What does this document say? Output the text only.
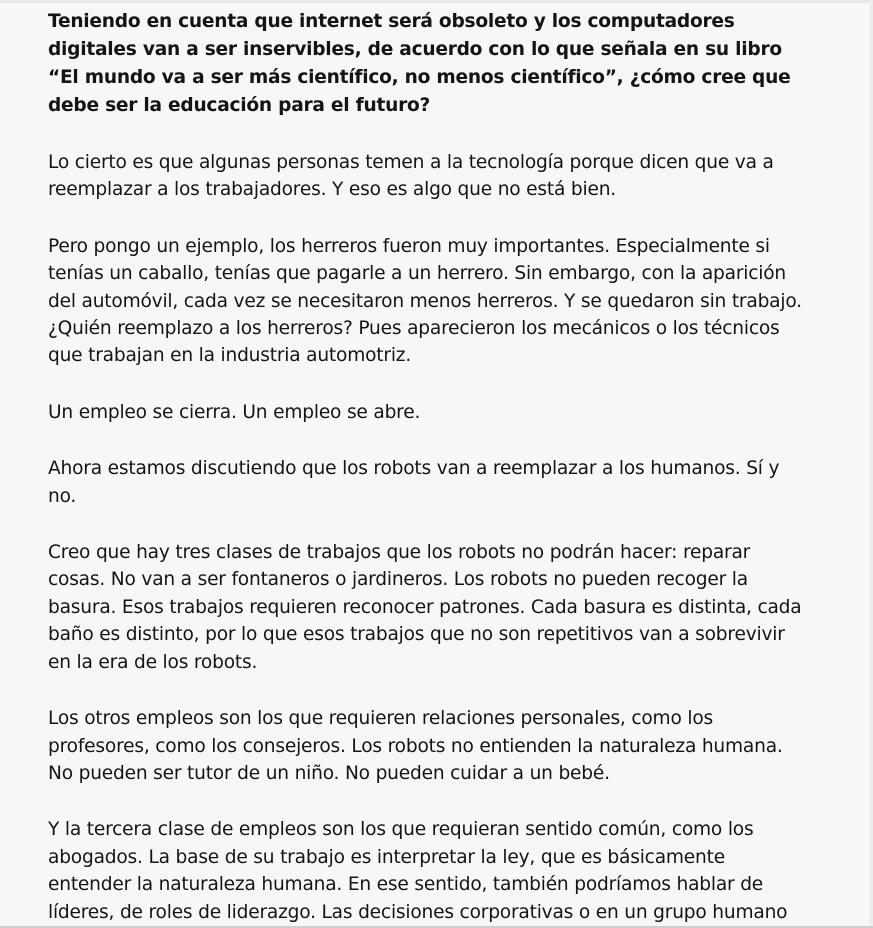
Teniendo en cuenta que internet será obsoleto y los computadores digitales van a ser inservibles, de acuerdo con lo que señala en su libro “El mundo va a ser más científico, no menos científico”, ¿cómo cree que debe ser la educación para el futuro?

Lo cierto es que algunas personas temen a la tecnología porque dicen que va a reemplazar a los trabajadores. Y eso es algo que no está bien.

Pero pongo un ejemplo, los herreros fueron muy importantes. Especialmente si tenías un caballo, tenías que pagarle a un herrero. Sin embargo, con la aparición del automóvil, cada vez se necesitaron menos herreros. Y se quedaron sin trabajo. ¿Quién reemplazo a los herreros? Pues aparecieron los mecánicos o los técnicos que trabajan en la industria automotriz.

Un empleo se cierra. Un empleo se abre.

Ahora estamos discutiendo que los robots van a reemplazar a los humanos. Sí y no.

Creo que hay tres clases de trabajos que los robots no podrán hacer: reparar cosas. No van a ser fontaneros o jardineros. Los robots no pueden recoger la basura. Esos trabajos requieren reconocer patrones. Cada basura es distinta, cada baño es distinto, por lo que esos trabajos que no son repetitivos van a sobrevivir en la era de los robots.

Los otros empleos son los que requieren relaciones personales, como los profesores, como los consejeros. Los robots no entienden la naturaleza humana. No pueden ser tutor de un niño. No pueden cuidar a un bebé.

Y la tercera clase de empleos son los que requieran sentido común, como los abogados. La base de su trabajo es interpretar la ley, que es básicamente entender la naturaleza humana. En ese sentido, también podríamos hablar de líderes, de roles de liderazgo. Las decisiones corporativas o en un grupo humano
